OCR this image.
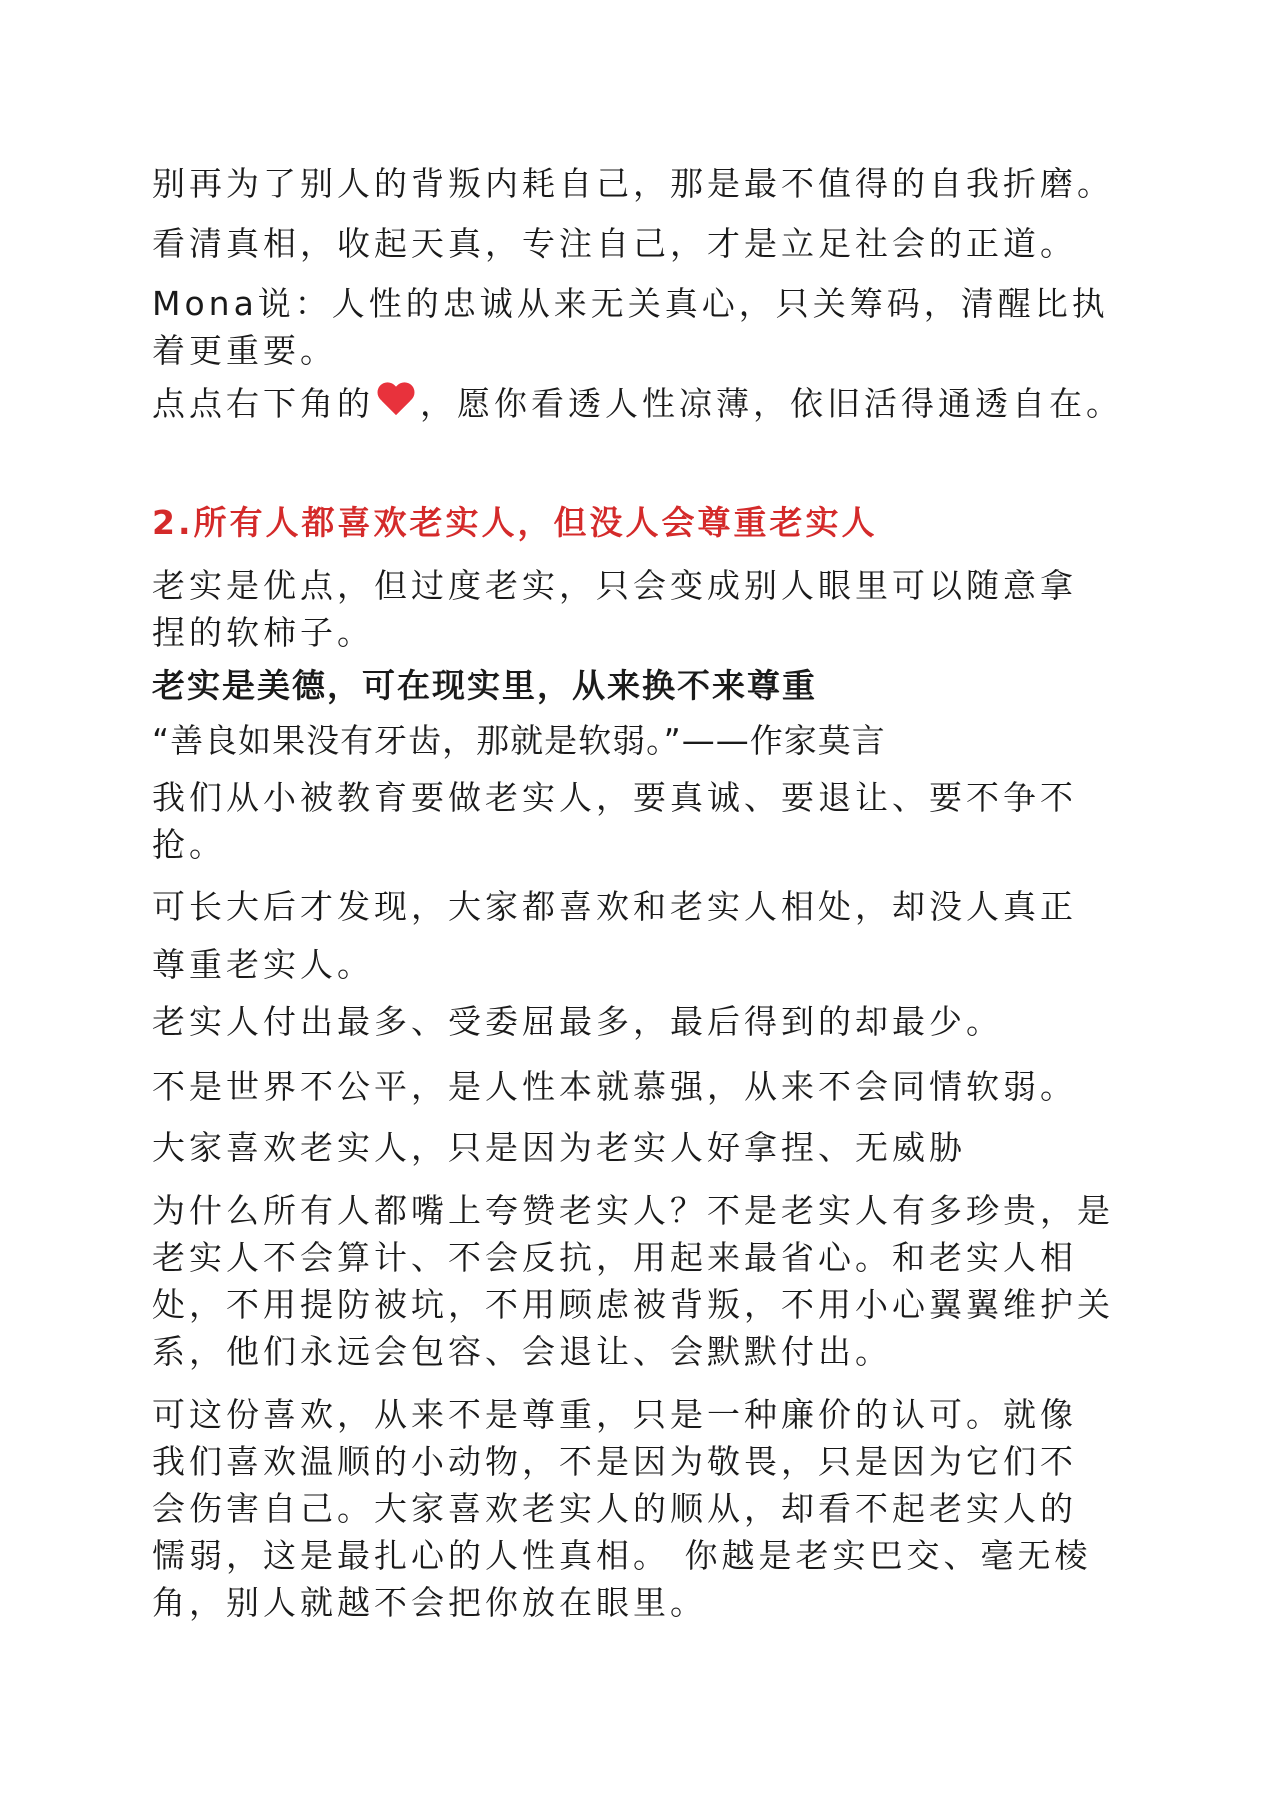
别再为了别人的背叛内耗自己，那是最不值得的自我折磨。

看清真相，收起天真，专注自己，才是立足社会的正道。

Mona说：人性的忠诚从来无关真心，只关筹码，清醒比执着更重要。

点点右下角的 ，愿你看透人性凉薄，依旧活得通透自在。

2.所有人都喜欢老实人，但没人会尊重老实人

老实是优点，但过度老实，只会变成别人眼里可以随意拿捏的软柿子。

老实是美德，可在现实里，从来换不来尊重

“善良如果没有牙齿，那就是软弱。”——作家莫言

我们从小被教育要做老实人，要真诚、要退让、要不争不抢。

可长大后才发现，大家都喜欢和老实人相处，却没人真正尊重老实人。

老实人付出最多、受委屈最多，最后得到的却最少。

不是世界不公平，是人性本就慕强，从来不会同情软弱。

大家喜欢老实人，只是因为老实人好拿捏、无威胁

为什么所有人都嘴上夸赞老实人？不是老实人有多珍贵，是老实人不会算计、不会反抗，用起来最省心。和老实人相处，不用提防被坑，不用顾虑被背叛，不用小心翼翼维护关系，他们永远会包容、会退让、会默默付出。

可这份喜欢，从来不是尊重，只是一种廉价的认可。就像我们喜欢温顺的小动物，不是因为敬畏，只是因为它们不会伤害自己。大家喜欢老实人的顺从，却看不起老实人的懦弱，这是最扎心的人性真相。 你越是老实巴交、毫无棱角，别人就越不会把你放在眼里。
